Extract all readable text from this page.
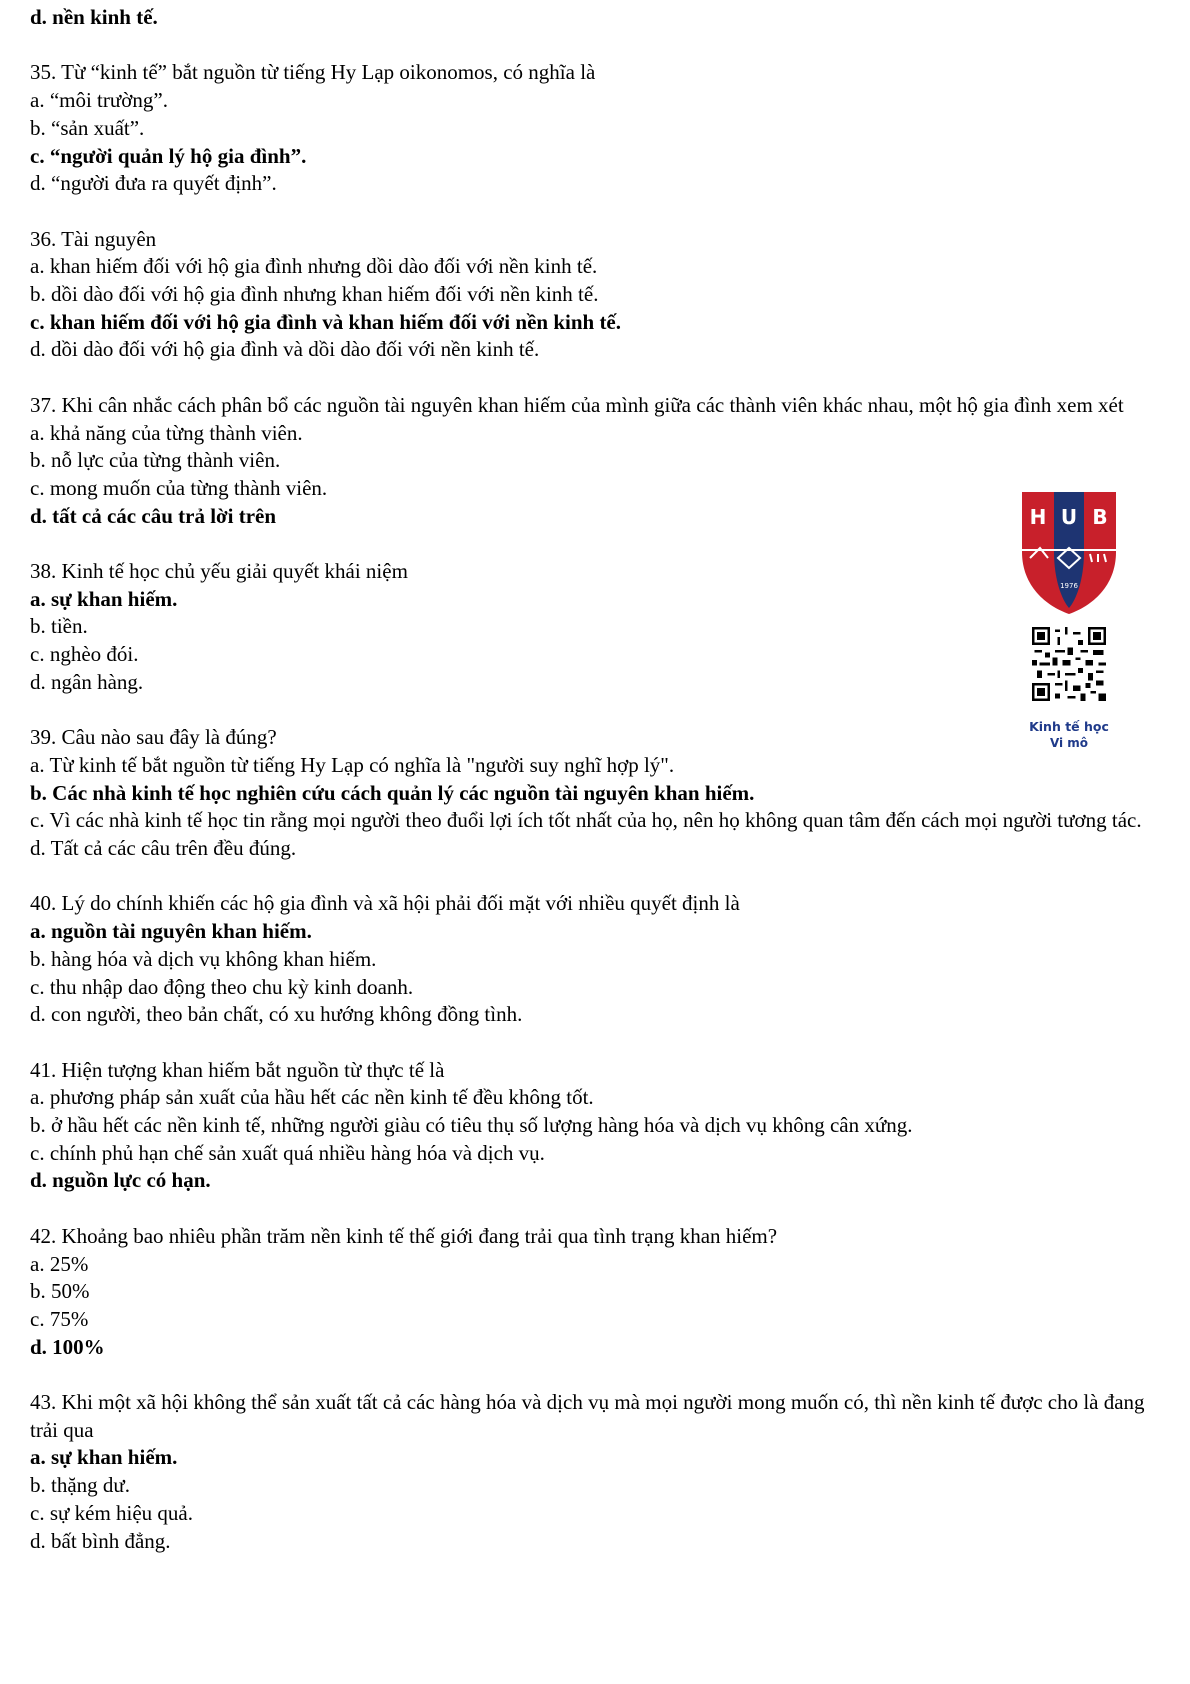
d. nền kinh tế.
35. Từ “kinh tế” bắt nguồn từ tiếng Hy Lạp oikonomos, có nghĩa là
a. “môi trường”.
b. “sản xuất”.
c. “người quản lý hộ gia đình”.
d. “người đưa ra quyết định”.
36. Tài nguyên
a. khan hiếm đối với hộ gia đình nhưng dồi dào đối với nền kinh tế.
b. dồi dào đối với hộ gia đình nhưng khan hiếm đối với nền kinh tế.
c. khan hiếm đối với hộ gia đình và khan hiếm đối với nền kinh tế.
d. dồi dào đối với hộ gia đình và dồi dào đối với nền kinh tế.
37. Khi cân nhắc cách phân bổ các nguồn tài nguyên khan hiếm của mình giữa các thành viên khác nhau, một hộ gia đình xem xét
a. khả năng của từng thành viên.
b. nỗ lực của từng thành viên.
c. mong muốn của từng thành viên.
d. tất cả các câu trả lời trên
38. Kinh tế học chủ yếu giải quyết khái niệm
a. sự khan hiếm.
b. tiền.
c. nghèo đói.
d. ngân hàng.
39. Câu nào sau đây là đúng?
a. Từ kinh tế bắt nguồn từ tiếng Hy Lạp có nghĩa là "người suy nghĩ hợp lý".
b. Các nhà kinh tế học nghiên cứu cách quản lý các nguồn tài nguyên khan hiếm.
c. Vì các nhà kinh tế học tin rằng mọi người theo đuổi lợi ích tốt nhất của họ, nên họ không quan tâm đến cách mọi người tương tác.
d. Tất cả các câu trên đều đúng.
40. Lý do chính khiến các hộ gia đình và xã hội phải đối mặt với nhiều quyết định là
a. nguồn tài nguyên khan hiếm.
b. hàng hóa và dịch vụ không khan hiếm.
c. thu nhập dao động theo chu kỳ kinh doanh.
d. con người, theo bản chất, có xu hướng không đồng tình.
41. Hiện tượng khan hiếm bắt nguồn từ thực tế là
a. phương pháp sản xuất của hầu hết các nền kinh tế đều không tốt.
b. ở hầu hết các nền kinh tế, những người giàu có tiêu thụ số lượng hàng hóa và dịch vụ không cân xứng.
c. chính phủ hạn chế sản xuất quá nhiều hàng hóa và dịch vụ.
d. nguồn lực có hạn.
42. Khoảng bao nhiêu phần trăm nền kinh tế thế giới đang trải qua tình trạng khan hiếm?
a. 25%
b. 50%
c. 75%
d. 100%
43. Khi một xã hội không thể sản xuất tất cả các hàng hóa và dịch vụ mà mọi người mong muốn có, thì nền kinh tế được cho là đang trải qua
a. sự khan hiếm.
b. thặng dư.
c. sự kém hiệu quả.
d. bất bình đẳng.
H U B
1976
Kinh tế học
Vi mô
